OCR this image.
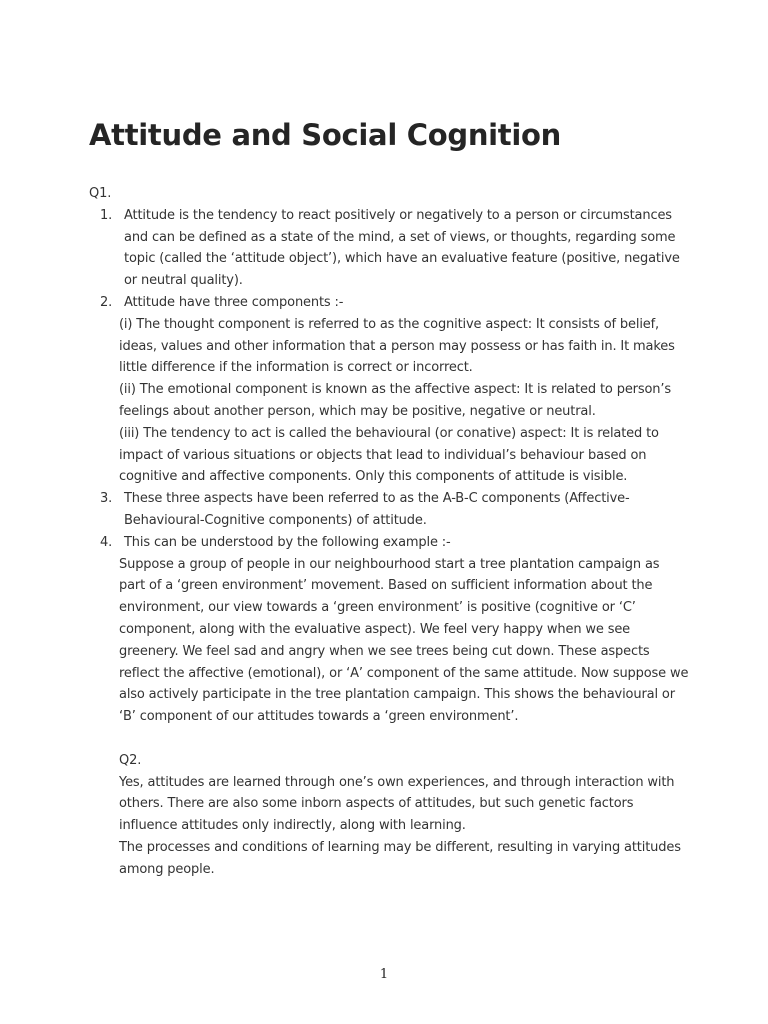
Attitude and Social Cognition
Q1.
1. Attitude is the tendency to react positively or negatively to a person or circumstances and can be defined as a state of the mind, a set of views, or thoughts, regarding some topic (called the ‘attitude object’), which have an evaluative feature (positive, negative or neutral quality).
2. Attitude have three components :-

(i) The thought component is referred to as the cognitive aspect: It consists of belief, ideas, values and other information that a person may possess or has faith in. It makes little difference if the information is correct or incorrect.

(ii) The emotional component is known as the affective aspect: It is related to person’s feelings about another person, which may be positive, negative or neutral.

(iii) The tendency to act is called the behavioural (or conative) aspect: It is related to impact of various situations or objects that lead to individual’s behaviour based on cognitive and affective components. Only this components of attitude is visible.

3. These three aspects have been referred to as the A-B-C components (Affective-Behavioural-Cognitive components) of attitude.
4. This can be understood by the following example :-

Suppose a group of people in our neighbourhood start a tree plantation campaign as part of a ‘green environment’ movement. Based on sufficient information about the environment, our view towards a ‘green environment’ is positive (cognitive or ‘C’ component, along with the evaluative aspect). We feel very happy when we see greenery. We feel sad and angry when we see trees being cut down. These aspects reflect the affective (emotional), or ‘A’ component of the same attitude. Now suppose we also actively participate in the tree plantation campaign. This shows the behavioural or ‘B’ component of our attitudes towards a ‘green environment’.

Q2.

Yes, attitudes are learned through one’s own experiences, and through interaction with others. There are also some inborn aspects of attitudes, but such genetic factors influence attitudes only indirectly, along with learning.

The processes and conditions of learning may be different, resulting in varying attitudes among people.

1
